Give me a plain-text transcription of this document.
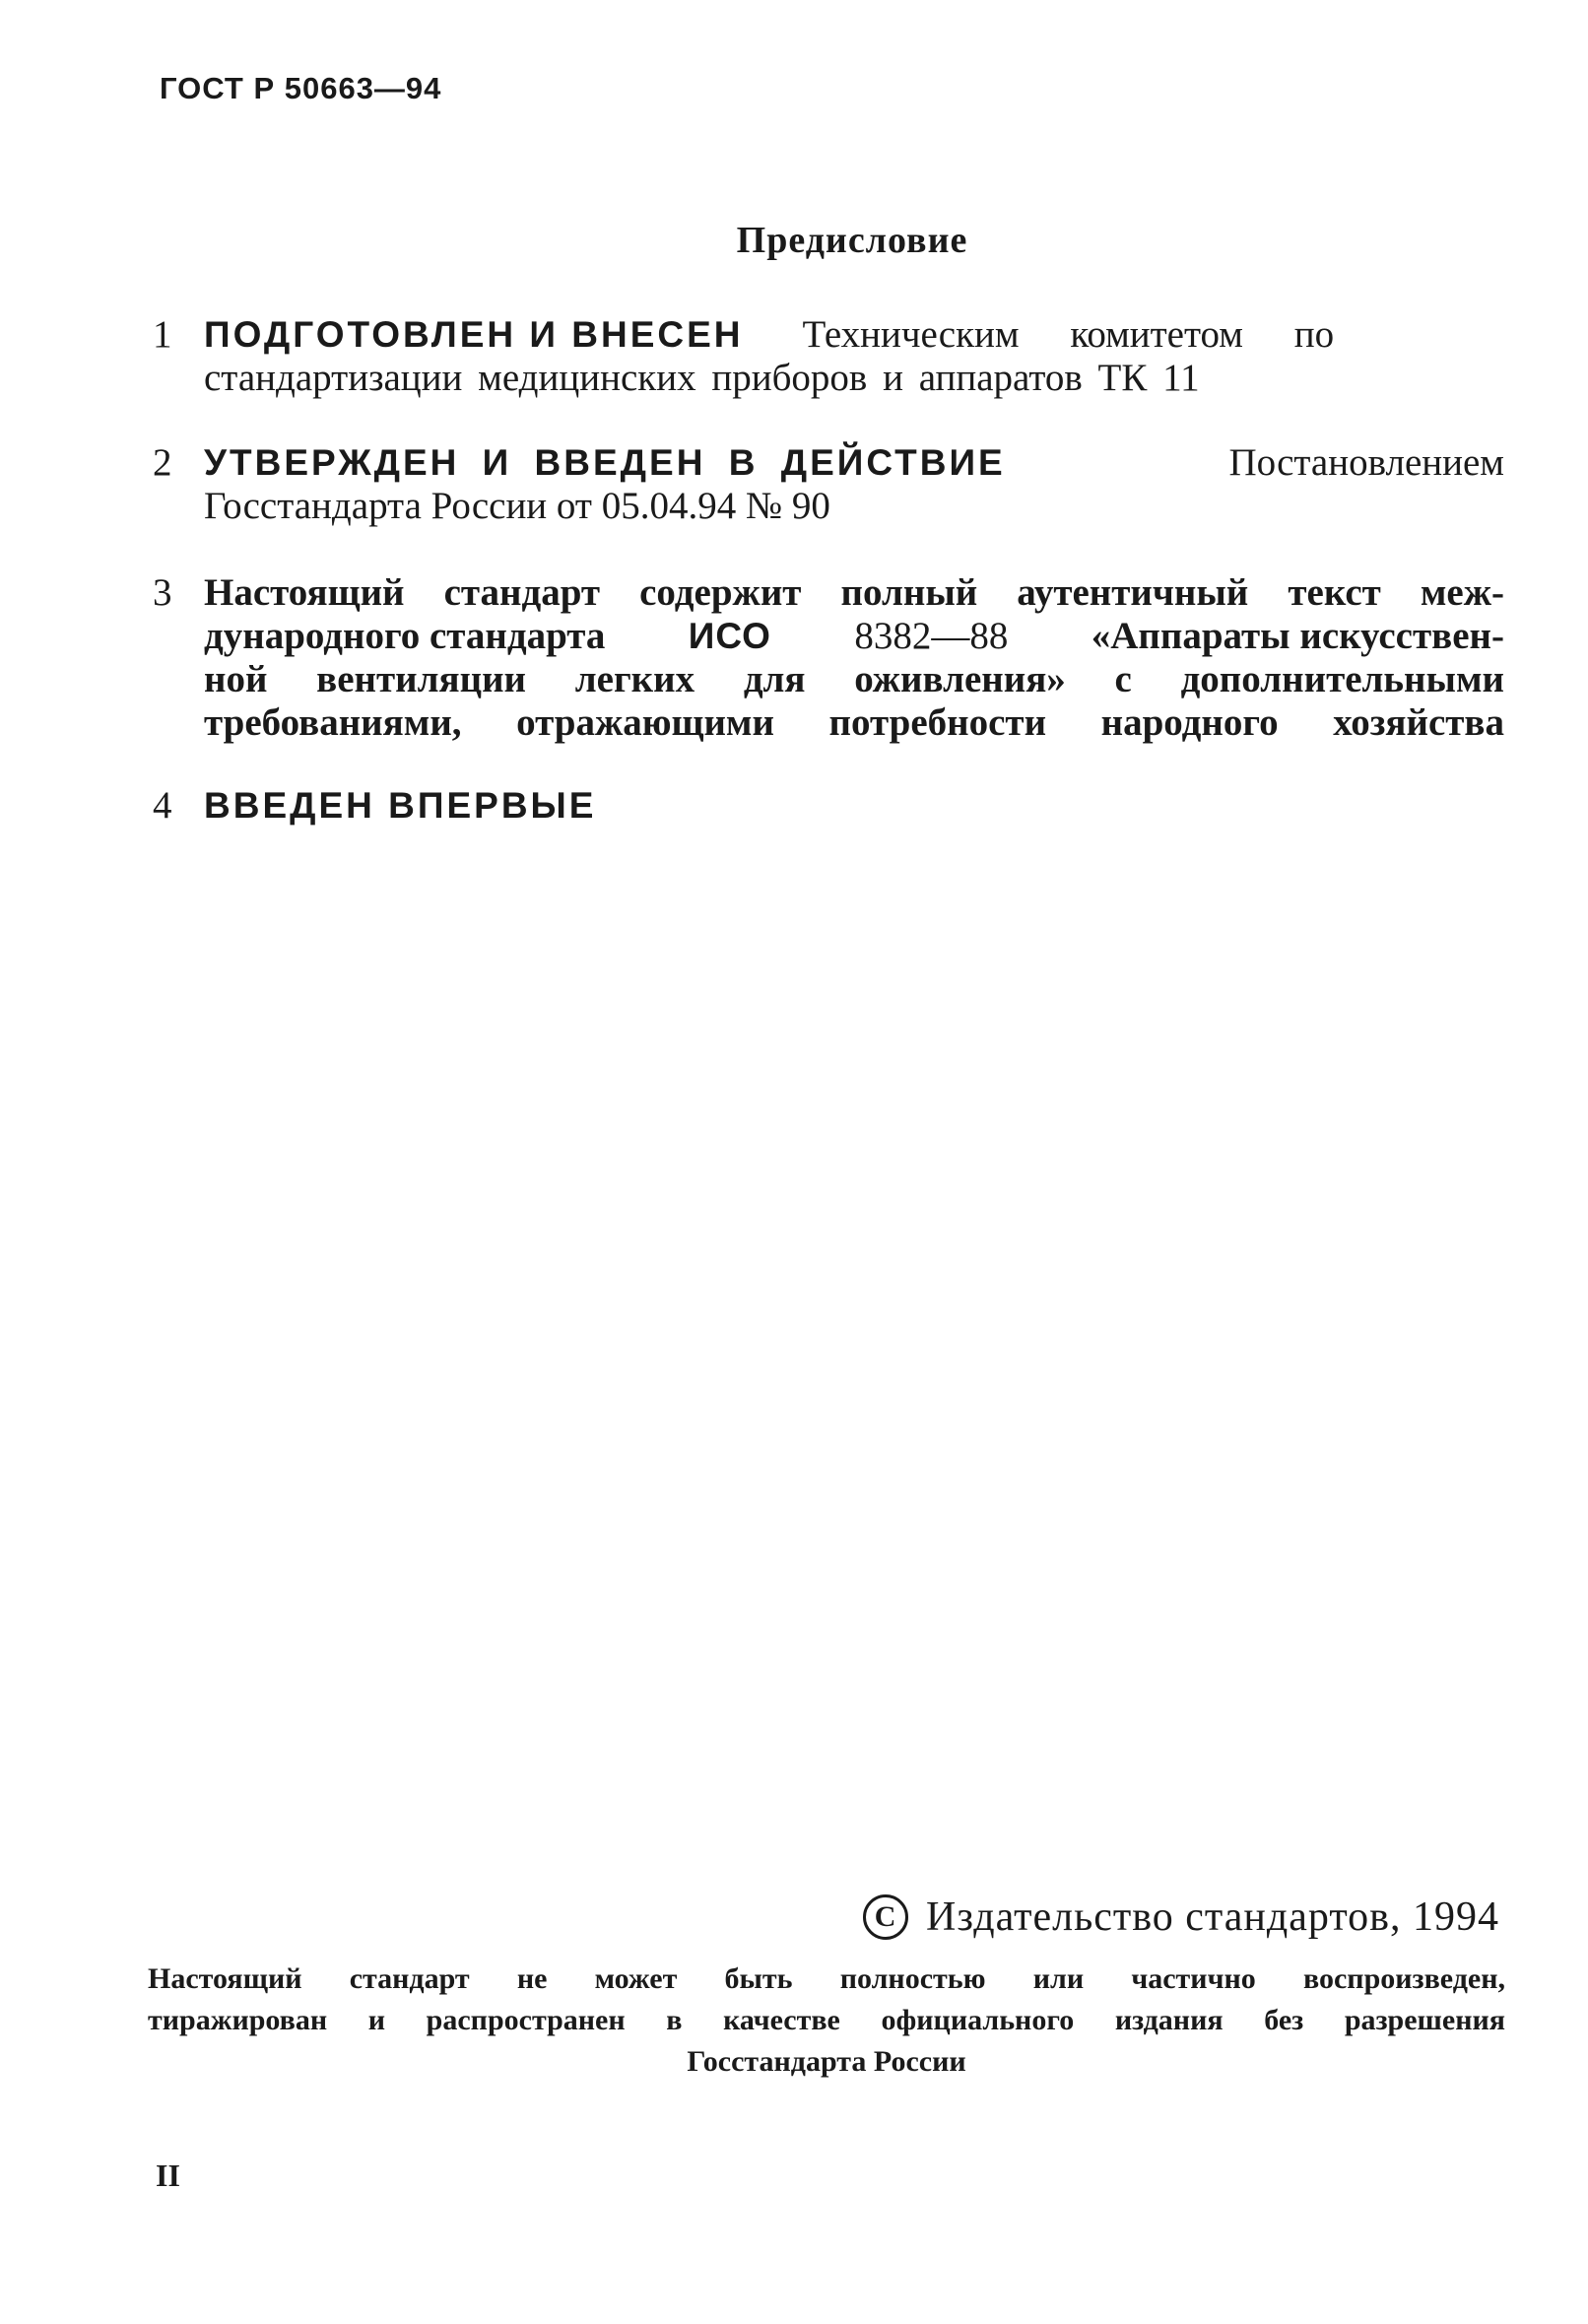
ГОСТ Р 50663—94
Предисловие
1 ПОДГОТОВЛЕН И ВНЕСЕН Техническим комитетом по
стандартизации медицинских приборов и аппаратов ТК 11
2 УТВЕРЖДЕН И ВВЕДЕН В ДЕЙСТВИЕ	Постановлением
Госстандарта России от 05.04.94 № 90
3 Настоящий стандарт содержит полный аутентичный текст меж-
дународного стандарта ИСО 8382—88 «Аппараты искусствен-
ной вентиляции легких для оживления» с дополнительными
требованиями, отражающими потребности народного хозяйства
4 ВВЕДЕН ВПЕРВЫЕ
C Издательство стандартов, 1994
Настоящий стандарт не может быть полностью или частично воспроизведен,
тиражирован и распространен в качестве официального издания без разрешения
Госстандарта России
II
